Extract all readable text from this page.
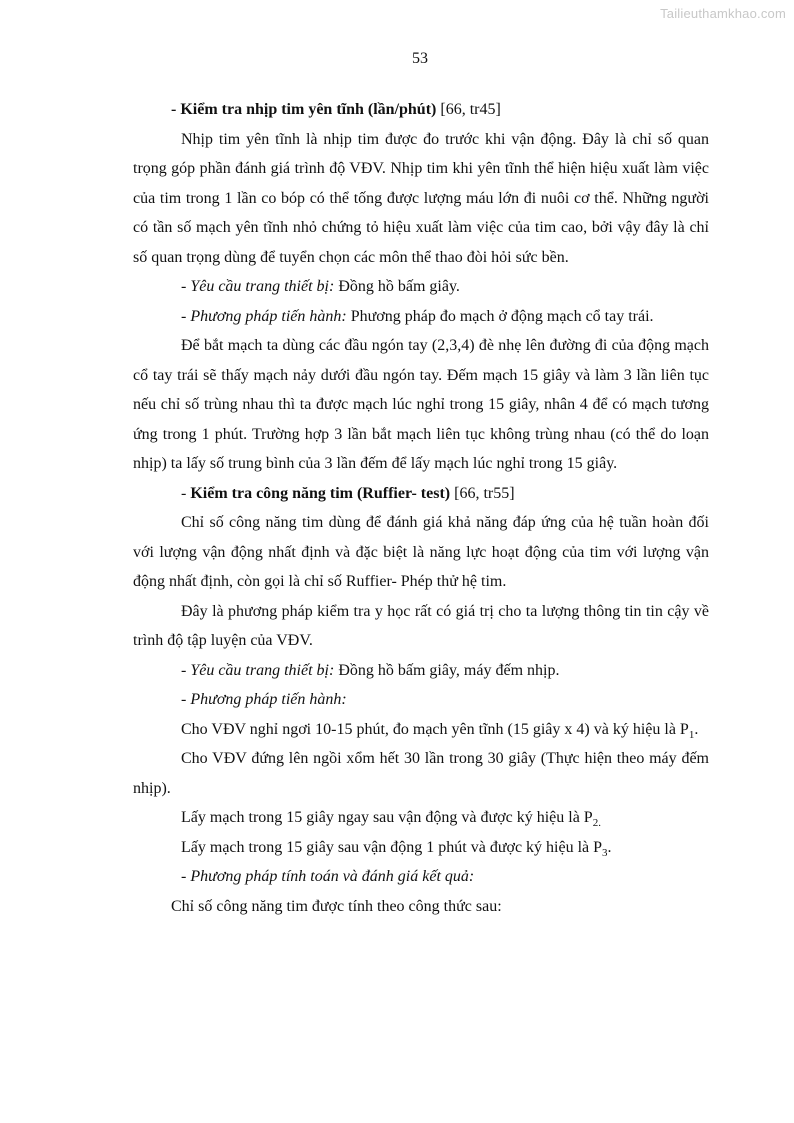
Tailieuthamkhao.com
53

- Kiểm tra nhịp tim yên tĩnh (lần/phút) [66, tr45]

Nhịp tim yên tĩnh là nhịp tim được đo trước khi vận động. Đây là chỉ số quan trọng góp phần đánh giá trình độ VĐV. Nhịp tim khi yên tĩnh thể hiện hiệu xuất làm việc của tim trong 1 lần co bóp có thể tống được lượng máu lớn đi nuôi cơ thể. Những người có tần số mạch yên tĩnh nhỏ chứng tỏ hiệu xuất làm việc của tim cao, bởi vậy đây là chỉ số quan trọng dùng để tuyển chọn các môn thể thao đòi hỏi sức bền.

- Yêu cầu trang thiết bị: Đồng hồ bấm giây.

- Phương pháp tiến hành: Phương pháp đo mạch ở động mạch cổ tay trái.

Để bắt mạch ta dùng các đầu ngón tay (2,3,4) đè nhẹ lên đường đi của động mạch cổ tay trái sẽ thấy mạch nảy dưới đầu ngón tay. Đếm mạch 15 giây và làm 3 lần liên tục nếu chỉ số trùng nhau thì ta được mạch lúc nghỉ trong 15 giây, nhân 4 để có mạch tương ứng trong 1 phút. Trường hợp 3 lần bắt mạch liên tục không trùng nhau (có thể do loạn nhịp) ta lấy số trung bình của 3 lần đếm để lấy mạch lúc nghỉ trong 15 giây.

- Kiểm tra công năng tim (Ruffier- test) [66, tr55]

Chỉ số công năng tim dùng để đánh giá khả năng đáp ứng của hệ tuần hoàn đối với lượng vận động nhất định và đặc biệt là năng lực hoạt động của tim với lượng vận động nhất định, còn gọi là chỉ số Ruffier- Phép thử hệ tim.

Đây là phương pháp kiểm tra y học rất có giá trị cho ta lượng thông tin tin cậy về trình độ tập luyện của VĐV.

- Yêu cầu trang thiết bị: Đồng hồ bấm giây, máy đếm nhịp.

- Phương pháp tiến hành:

Cho VĐV nghỉ ngơi 10-15 phút, đo mạch yên tĩnh (15 giây x 4) và ký hiệu là $P_1$.

Cho VĐV đứng lên ngồi xổm hết 30 lần trong 30 giây (Thực hiện theo máy đếm nhịp).

Lấy mạch trong 15 giây ngay sau vận động và được ký hiệu là $P_{2.}$

Lấy mạch trong 15 giây sau vận động 1 phút và được ký hiệu là $P_3$.

- Phương pháp tính toán và đánh giá kết quả:

Chỉ số công năng tim được tính theo công thức sau:
